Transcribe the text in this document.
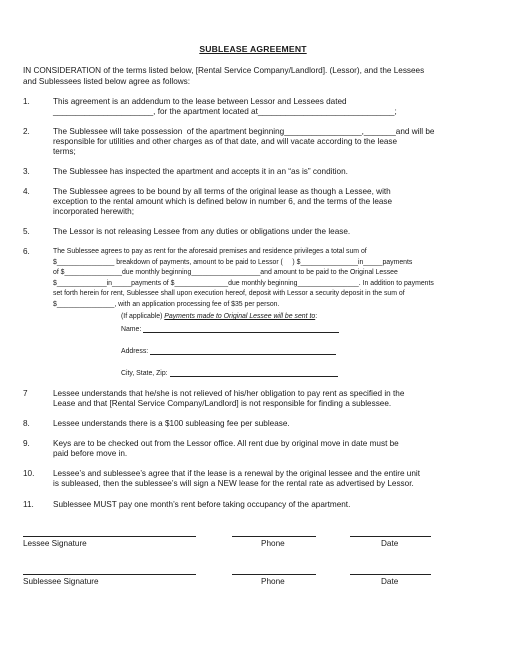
SUBLEASE AGREEMENT
IN CONSIDERATION of the terms listed below, [Rental Service Company/Landlord]. (Lessor), and the Lessees
and Sublessees listed below agree as follows:
1.	This agreement is an addendum to the lease between Lessor and Lessees dated
______________________, for the apartment located at______________________________;
2.	The Sublessee will take possession  of the apartment beginning_________________,_______and will be
responsible for utilities and other charges as of that date, and will vacate according to the lease
terms;
3.	The Sublessee has inspected the apartment and accepts it in an “as is” condition.
4.	The Sublessee agrees to be bound by all terms of the original lease as though a Lessee, with
exception to the rental amount which is defined below in number 6, and the terms of the lease
incorporated herewith;
5.	The Lessor is not releasing Lessee from any duties or obligations under the lease.
6.	The Sublessee agrees to pay as rent for the aforesaid premises and residence privileges a total sum of
$_______________ breakdown of payments, amount to be paid to Lessor (     ) $_______________in_____payments
of $_______________due monthly beginning__________________and amount to be paid to the Original Lessee
$_____________in_____payments of $______________due monthly beginning________________. In addition to payments
set forth herein for rent, Sublessee shall upon execution hereof, deposit with Lessor a security deposit in the sum of
$_______________, with an application processing fee of $35 per person.
(If applicable) Payments made to Original Lessee will be sent to:
Name:
Address:
City, State, Zip:
7	Lessee understands that he/she is not relieved of his/her obligation to pay rent as specified in the
Lease and that [Rental Service Company/Landlord] is not responsible for finding a sublessee.
8.	Lessee understands there is a $100 subleasing fee per sublease.
9.	Keys are to be checked out from the Lessor office. All rent due by original move in date must be
paid before move in.
10.	Lessee’s and sublessee’s agree that if the lease is a renewal by the original lessee and the entire unit
is subleased, then the sublessee’s will sign a NEW lease for the rental rate as advertised by Lessor.
11.	Sublessee MUST pay one month’s rent before taking occupancy of the apartment.
Lessee Signature	Phone	Date
Sublessee Signature	Phone	Date
